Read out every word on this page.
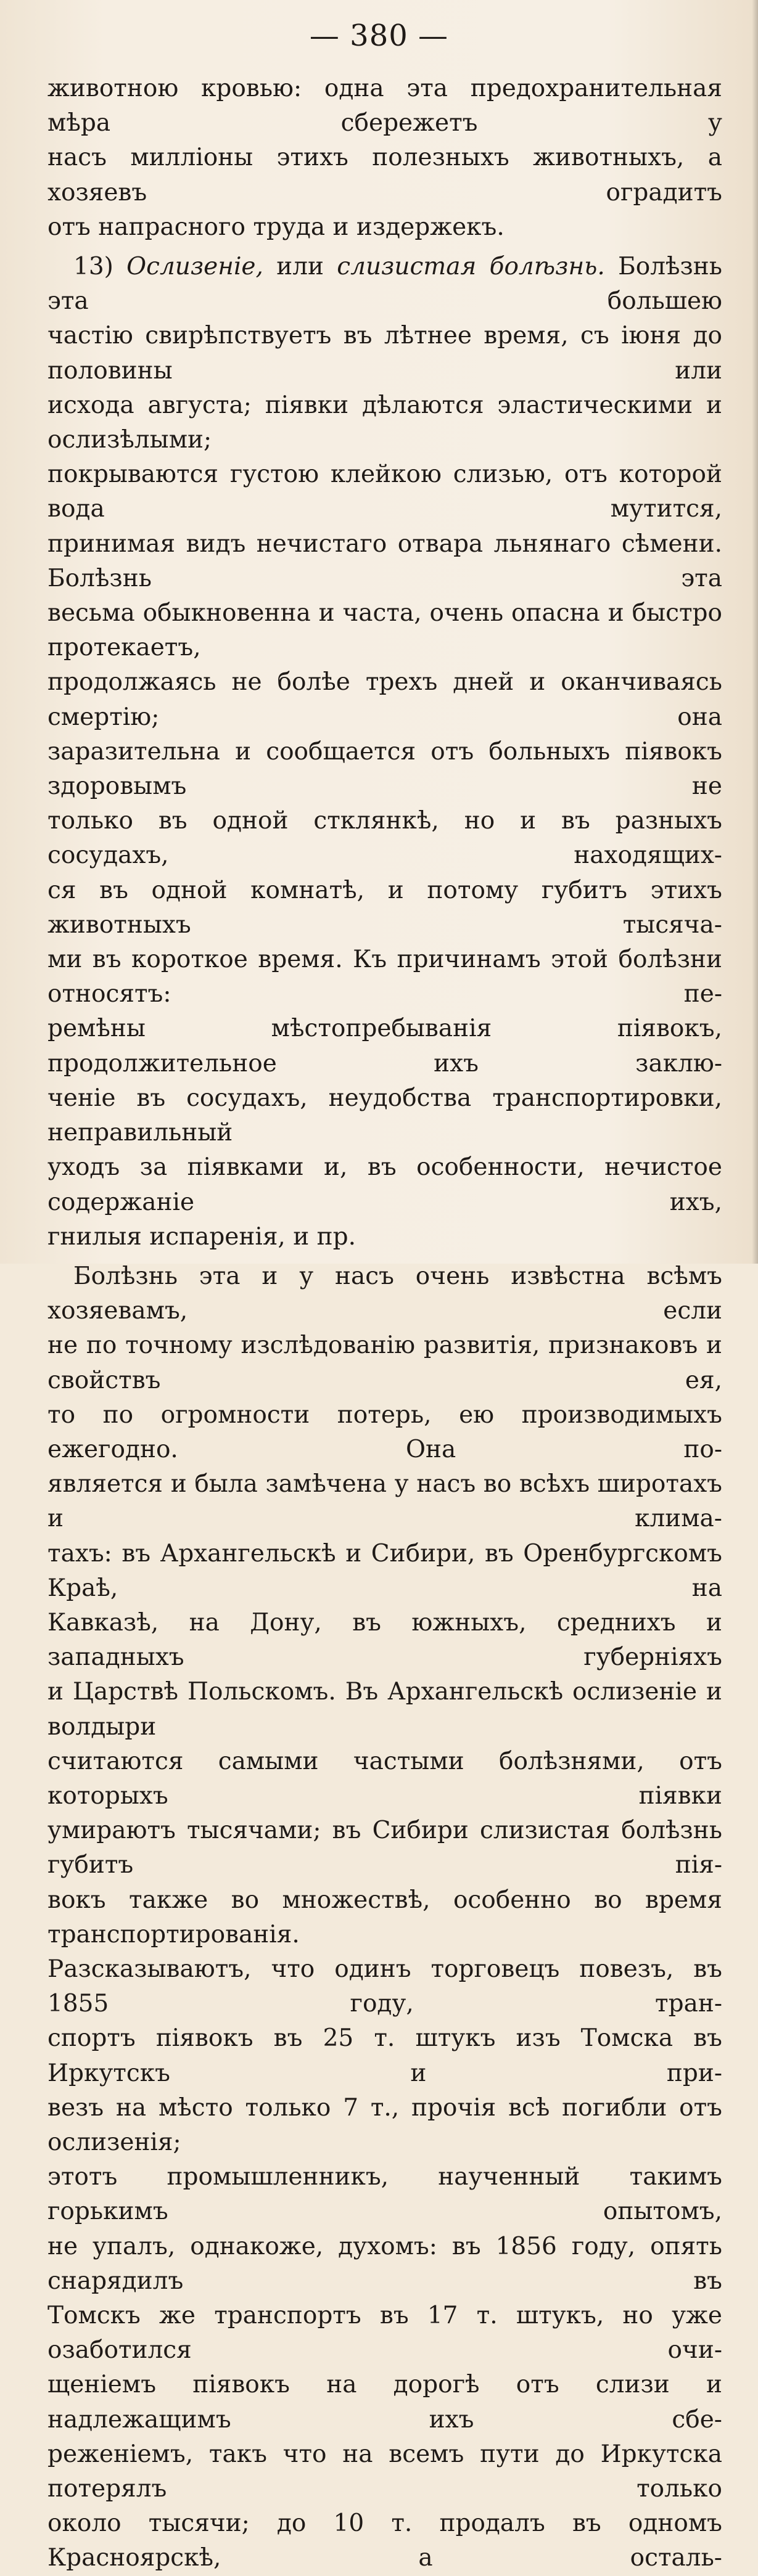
— 380 —
животною кровью: одна эта предохранительная мѣра сбережетъ у
насъ милліоны этихъ полезныхъ животныхъ, а хозяевъ оградитъ
отъ напрасного труда и издержекъ.
13) Ослизеніе, или слизистая болѣзнь. Болѣзнь эта большею
частію свирѣпствуетъ въ лѣтнее время, съ іюня до половины или
исхода августа; піявки дѣлаются эластическими и ослизѣлыми;
покрываются густою клейкою слизью, отъ которой вода мутится,
принимая видъ нечистаго отвара льнянаго сѣмени. Болѣзнь эта
весьма обыкновенна и часта, очень опасна и быстро протекаетъ,
продолжаясь не болѣе трехъ дней и оканчиваясь смертію; она
заразительна и сообщается отъ больныхъ піявокъ здоровымъ не
только въ одной стклянкѣ, но и въ разныхъ сосудахъ, находящих-
ся въ одной комнатѣ, и потому губитъ этихъ животныхъ тысяча-
ми въ короткое время. Къ причинамъ этой болѣзни относятъ: пе-
ремѣны мѣстопребыванія піявокъ, продолжительное ихъ заклю-
ченіе въ сосудахъ, неудобства транспортировки, неправильный
уходъ за піявками и, въ особенности, нечистое содержаніе ихъ,
гнилыя испаренія, и пр.
Болѣзнь эта и у насъ очень извѣстна всѣмъ хозяевамъ, если
не по точному изслѣдованію развитія, признаковъ и свойствъ ея,
то по огромности потерь, ею производимыхъ ежегодно. Она по-
является и была замѣчена у насъ во всѣхъ широтахъ и клима-
тахъ: въ Архангельскѣ и Сибири, въ Оренбургскомъ Краѣ, на
Кавказѣ, на Дону, въ южныхъ, среднихъ и западныхъ губерніяхъ
и Царствѣ Польскомъ. Въ Архангельскѣ ослизеніе и волдыри
считаются самыми частыми болѣзнями, отъ которыхъ піявки
умираютъ тысячами; въ Сибири слизистая болѣзнь губитъ пія-
вокъ также во множествѣ, особенно во время транспортированія.
Разсказываютъ, что одинъ торговецъ повезъ, въ 1855 году, тран-
спортъ піявокъ въ 25 т. штукъ изъ Томска въ Иркутскъ и при-
везъ на мѣсто только 7 т., прочія всѣ погибли отъ ослизенія;
этотъ промышленникъ, наученный такимъ горькимъ опытомъ,
не упалъ, однакоже, духомъ: въ 1856 году, опять снарядилъ въ
Томскъ же транспортъ въ 17 т. штукъ, но уже озаботился очи-
щеніемъ піявокъ на дорогѣ отъ слизи и надлежащимъ ихъ сбе-
реженіемъ, такъ что на всемъ пути до Иркутска потерялъ только
около тысячи; до 10 т. продалъ въ одномъ Красноярскѣ, а осталь-
